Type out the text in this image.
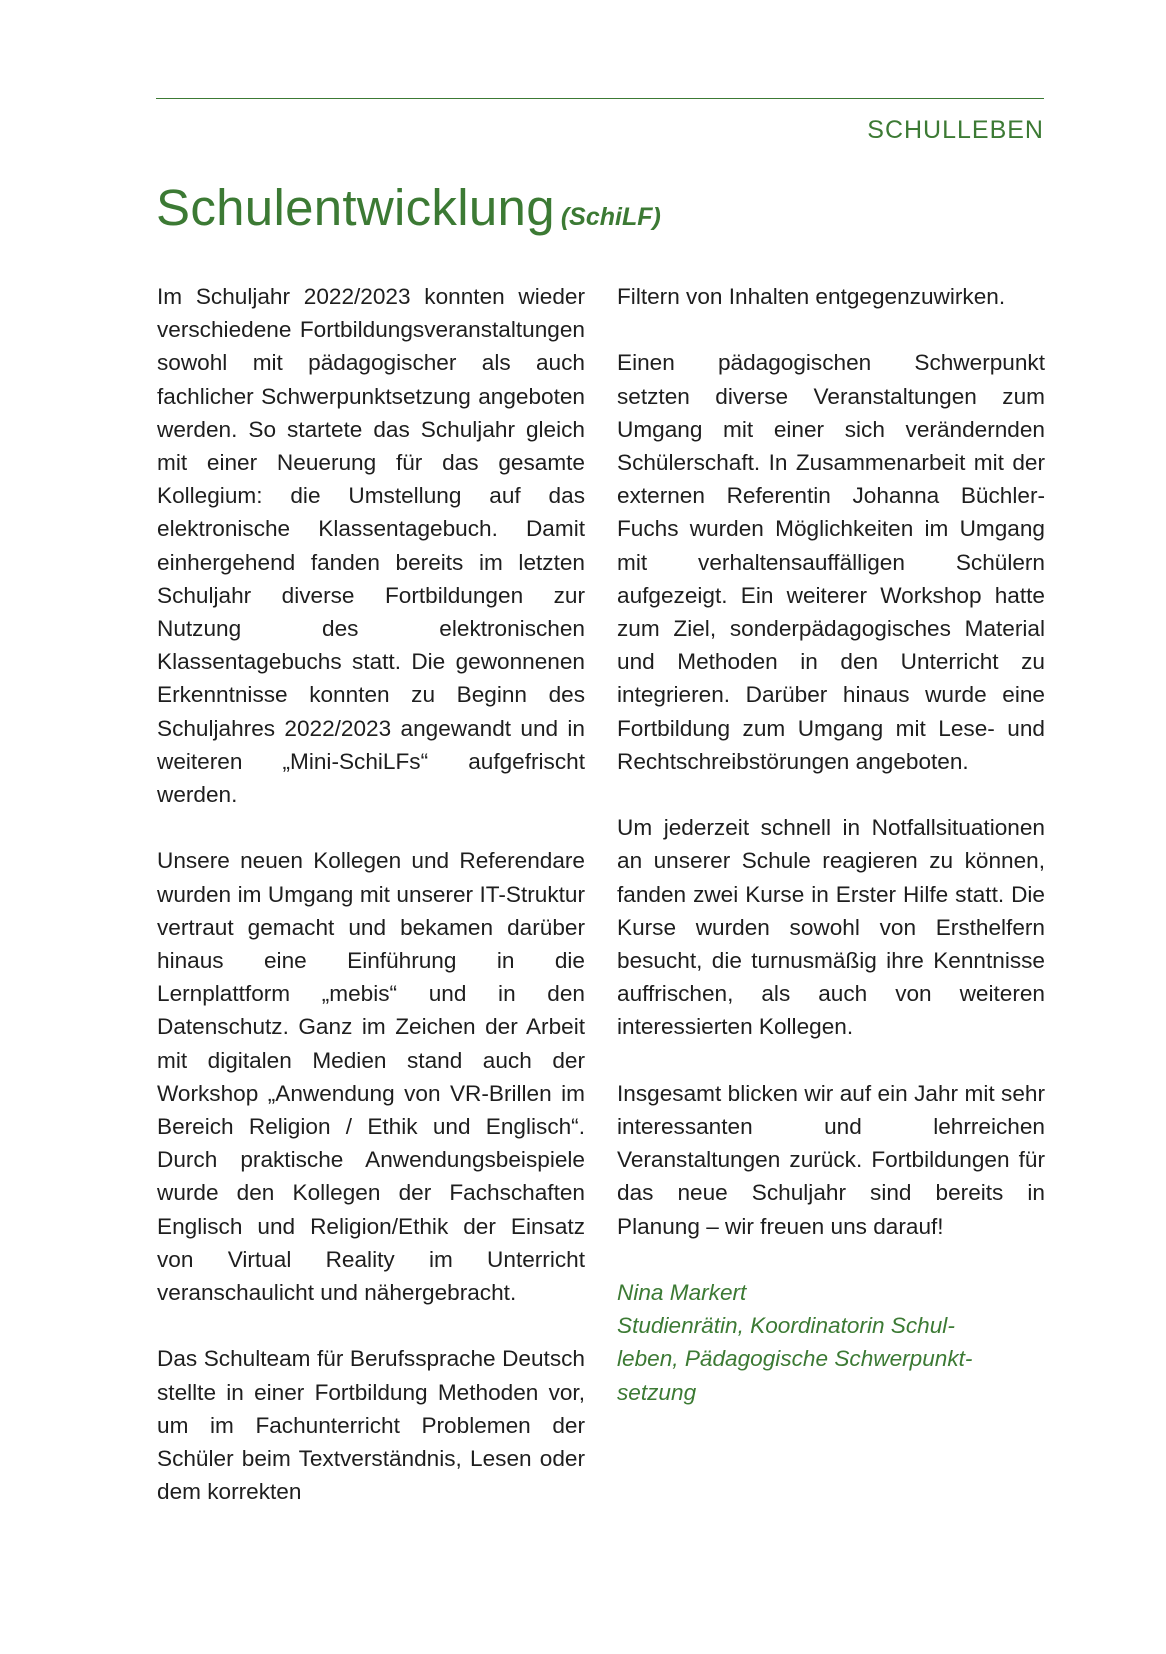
SCHULLEBEN
Schulentwicklung (SchiLF)

Im Schuljahr 2022/2023 konnten wieder verschiedene Fortbildungsveranstaltungen sowohl mit pädagogischer als auch fachlicher Schwerpunktsetzung angeboten werden. So startete das Schuljahr gleich mit einer Neuerung für das gesamte Kollegium: die Umstellung auf das elektronische Klassentagebuch. Damit einhergehend fanden bereits im letzten Schuljahr diverse Fortbildungen zur Nutzung des elektronischen Klassentagebuchs statt. Die gewonnenen Erkenntnisse konnten zu Beginn des Schuljahres 2022/2023 angewandt und in weiteren „Mini-SchiLFs“ aufgefrischt werden.

Unsere neuen Kollegen und Referendare wurden im Umgang mit unserer IT-Struktur vertraut gemacht und bekamen darüber hinaus eine Einführung in die Lernplattform „mebis“ und in den Datenschutz. Ganz im Zeichen der Arbeit mit digitalen Medien stand auch der Workshop „Anwendung von VR-Brillen im Bereich Religion / Ethik und Englisch“. Durch praktische Anwendungsbeispiele wurde den Kollegen der Fachschaften Englisch und Religion/Ethik der Einsatz von Virtual Reality im Unterricht veranschaulicht und nähergebracht.

Das Schulteam für Berufssprache Deutsch stellte in einer Fortbildung Methoden vor, um im Fachunterricht Problemen der Schüler beim Textverständnis, Lesen oder dem korrekten

Filtern von Inhalten entgegenzuwirken.

Einen pädagogischen Schwerpunkt setzten diverse Veranstaltungen zum Umgang mit einer sich verändernden Schülerschaft. In Zusammenarbeit mit der externen Referentin Johanna Büchler-Fuchs wurden Möglichkeiten im Umgang mit verhaltensauffälligen Schülern aufgezeigt. Ein weiterer Workshop hatte zum Ziel, sonderpädagogisches Material und Methoden in den Unterricht zu integrieren. Darüber hinaus wurde eine Fortbildung zum Umgang mit Lese- und Rechtschreibstörungen angeboten.

Um jederzeit schnell in Notfallsituationen an unserer Schule reagieren zu können, fanden zwei Kurse in Erster Hilfe statt. Die Kurse wurden sowohl von Ersthelfern besucht, die turnusmäßig ihre Kenntnisse auffrischen, als auch von weiteren interessierten Kollegen.

Insgesamt blicken wir auf ein Jahr mit sehr interessanten und lehrreichen Veranstaltungen zurück. Fortbildungen für das neue Schuljahr sind bereits in Planung – wir freuen uns darauf!

Nina Markert
Studienrätin, Koordinatorin Schul-
leben, Pädagogische Schwerpunkt-
setzung
